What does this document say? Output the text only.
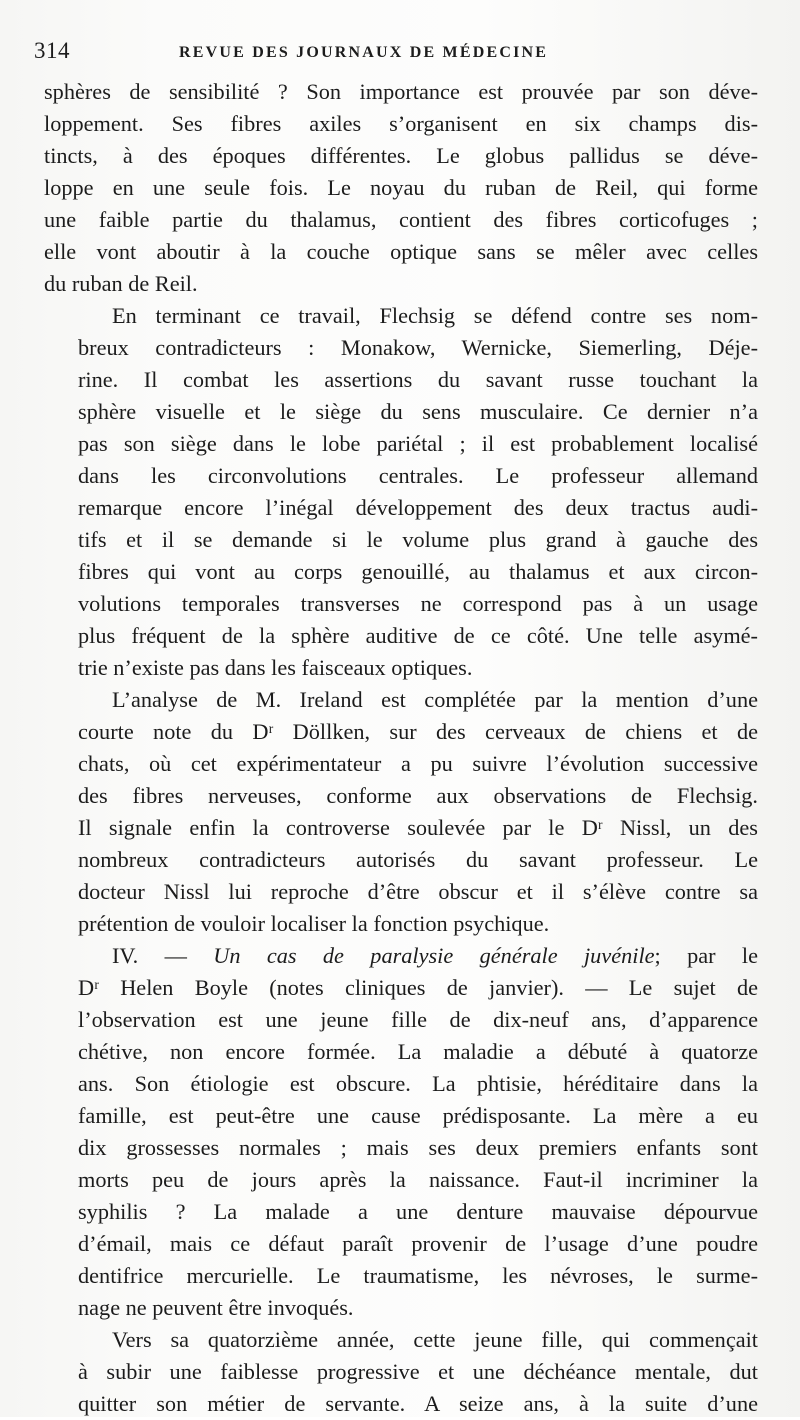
314	REVUE DES JOURNAUX DE MÉDECINE
sphères de sensibilité ? Son importance est prouvée par son déve-
loppement. Ses fibres axiles s’organisent en six champs dis-
tincts, à des époques différentes. Le globus pallidus se déve-
loppe en une seule fois. Le noyau du ruban de Reil, qui forme
une faible partie du thalamus, contient des fibres corticofuges ;
elle vont aboutir à la couche optique sans se mêler avec celles
du ruban de Reil.
En terminant ce travail, Flechsig se défend contre ses nom-
breux contradicteurs : Monakow, Wernicke, Siemerling, Déje-
rine. Il combat les assertions du savant russe touchant la
sphère visuelle et le siège du sens musculaire. Ce dernier n’a
pas son siège dans le lobe pariétal ; il est probablement localisé
dans les circonvolutions centrales. Le professeur allemand
remarque encore l’inégal développement des deux tractus audi-
tifs et il se demande si le volume plus grand à gauche des
fibres qui vont au corps genouillé, au thalamus et aux circon-
volutions temporales transverses ne correspond pas à un usage
plus fréquent de la sphère auditive de ce côté. Une telle asymé-
trie n’existe pas dans les faisceaux optiques.
L’analyse de M. Ireland est complétée par la mention d’une
courte note du Dʳ Döllken, sur des cerveaux de chiens et de
chats, où cet expérimentateur a pu suivre l’évolution successive
des fibres nerveuses, conforme aux observations de Flechsig.
Il signale enfin la controverse soulevée par le Dʳ Nissl, un des
nombreux contradicteurs autorisés du savant professeur. Le
docteur Nissl lui reproche d’être obscur et il s’élève contre sa
prétention de vouloir localiser la fonction psychique.
IV. — Un cas de paralysie générale juvénile; par le
Dʳ Helen Boyle (notes cliniques de janvier). — Le sujet de
l’observation est une jeune fille de dix-neuf ans, d’apparence
chétive, non encore formée. La maladie a débuté à quatorze
ans. Son étiologie est obscure. La phtisie, héréditaire dans la
famille, est peut-être une cause prédisposante. La mère a eu
dix grossesses normales ; mais ses deux premiers enfants sont
morts peu de jours après la naissance. Faut-il incriminer la
syphilis ? La malade a une denture mauvaise dépourvue
d’émail, mais ce défaut paraît provenir de l’usage d’une poudre
dentifrice mercurielle. Le traumatisme, les névroses, le surme-
nage ne peuvent être invoqués.
Vers sa quatorzième année, cette jeune fille, qui commençait
à subir une faiblesse progressive et une déchéance mentale, dut
quitter son métier de servante. A seize ans, à la suite d’une
